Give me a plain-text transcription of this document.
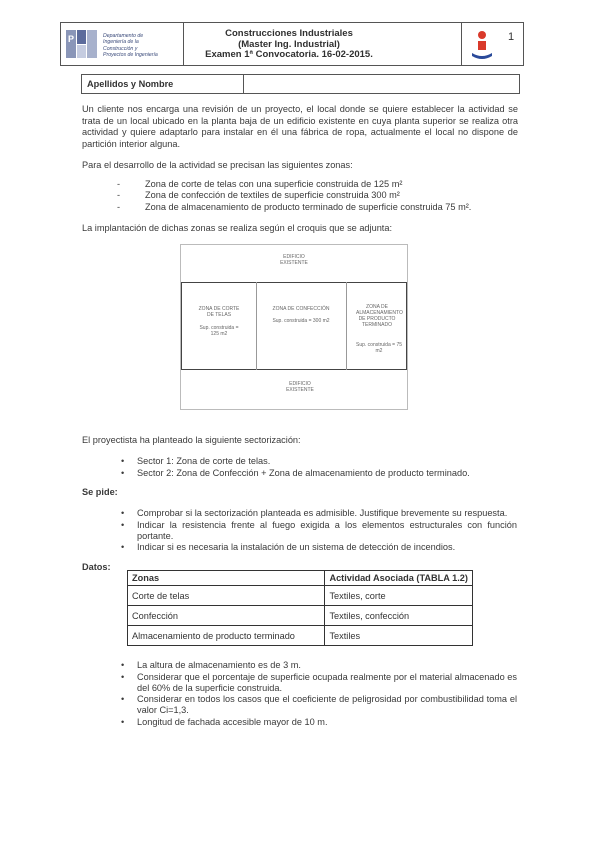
P	Departamento de
Ingeniería de la
Construcción y
Proyectos de Ingeniería
Construcciones Industriales
(Master Ing. Industrial)
Examen 1ª Convocatoria. 16-02-2015.
1
Apellidos y Nombre
Un cliente nos encarga una revisión de un proyecto, el local donde se quiere establecer la actividad se trata de un local ubicado en la planta baja de un edificio existente en cuya planta superior se realiza otra actividad y quiere adaptarlo para instalar en él una fábrica de ropa, actualmente el local no dispone de partición interior alguna.
Para el desarrollo de la actividad se precisan las siguientes zonas:
- Zona de corte de telas con una superficie construida de 125 m²
- Zona de confección de textiles de superficie construida 300 m²
- Zona de almacenamiento de producto terminado de superficie construida 75 m².
La implantación de dichas zonas se realiza según el croquis que se adjunta:
EDIFICIO EXISTENTE
ZONA DE CORTE DE TELAS
Sup. construida = 125 m2
ZONA DE CONFECCIÓN
Sup. construida = 300 m2
ZONA DE ALMACENAMIENTO DE PRODUCTO TERMINADO
Sup. construida = 75 m2
EDIFICIO EXISTENTE
El proyectista ha planteado la siguiente sectorización:
• Sector 1: Zona de corte de telas.
• Sector 2: Zona de Confección + Zona de almacenamiento de producto terminado.
Se pide:
• Comprobar si la sectorización planteada es admisible. Justifique brevemente su respuesta.
• Indicar la resistencia frente al fuego exigida a los elementos estructurales con función portante.
• Indicar si es necesaria la instalación de un sistema de detección de incendios.
Datos:
Zonas	Actividad Asociada (TABLA 1.2)
Corte de telas	Textiles, corte
Confección	Textiles, confección
Almacenamiento de producto terminado	Textiles
• La altura de almacenamiento es de 3 m.
• Considerar que el porcentaje de superficie ocupada realmente por el material almacenado es del 60% de la superficie construida.
• Considerar en todos los casos que el coeficiente de peligrosidad por combustibilidad toma el valor Ci=1,3.
• Longitud de fachada accesible mayor de 10 m.
